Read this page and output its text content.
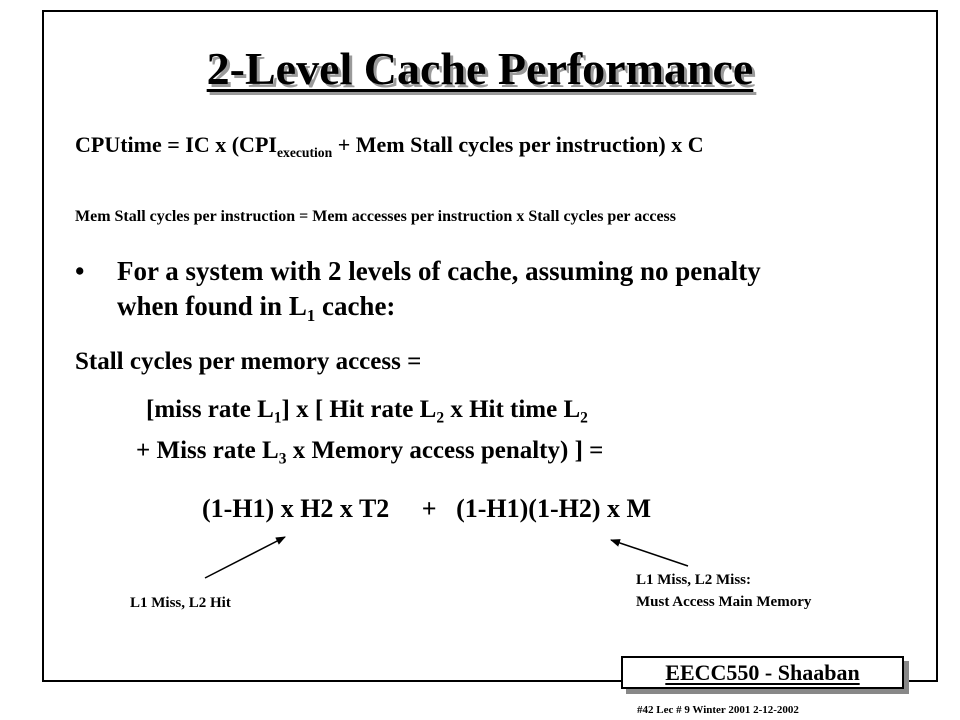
2-Level Cache Performance
CPUtime = IC x ($CPI_{execution}$ + Mem Stall cycles per instruction) x C
Mem Stall cycles per instruction = Mem accesses per instruction x Stall cycles per access
• For a system with 2 levels of cache, assuming no penalty
when found in $L_1$ cache:
Stall cycles per memory access =
[miss rate $L_1$] x [ Hit rate $L_2$ x Hit time $L_2$
+ Miss rate $L_3$ x Memory access penalty) ] =
(1-H1) x H2 x T2     +   (1-H1)(1-H2) x M
L1 Miss, L2 Hit
L1 Miss, L2 Miss:
Must Access Main Memory
EECC550 - Shaaban
#42 Lec # 9 Winter 2001 2-12-2002
